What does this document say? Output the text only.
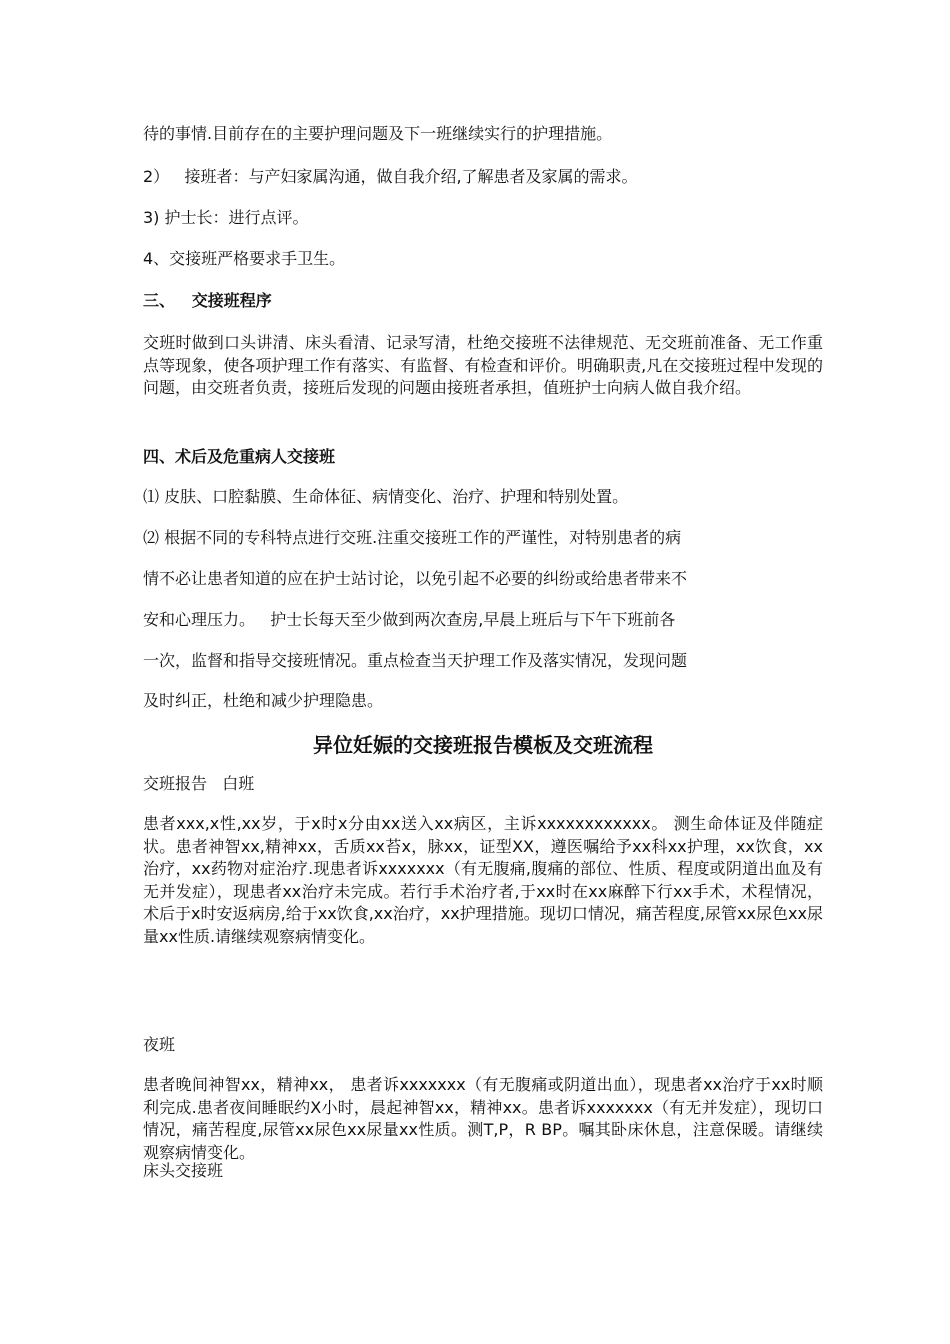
待的事情.目前存在的主要护理问题及下一班继续实行的护理措施。
2）   接班者：与产妇家属沟通，做自我介绍,了解患者及家属的需求。
3) 护士长：进行点评。
4、交接班严格要求手卫生。
三、   交接班程序
交班时做到口头讲清、床头看清、记录写清，杜绝交接班不法律规范、无交班前准备、无工作重点等现象，使各项护理工作有落实、有监督、有检查和评价。明确职责,凡在交接班过程中发现的问题，由交班者负责，接班后发现的问题由接班者承担，值班护士向病人做自我介绍。
四、术后及危重病人交接班
⑴ 皮肤、口腔黏膜、生命体征、病情变化、治疗、护理和特别处置。
⑵ 根据不同的专科特点进行交班.注重交接班工作的严谨性，对特别患者的病
情不必让患者知道的应在护士站讨论，以免引起不必要的纠纷或给患者带来不
安和心理压力。   护士长每天至少做到两次查房,早晨上班后与下午下班前各
一次，监督和指导交接班情况。重点检查当天护理工作及落实情况，发现问题
及时纠正，杜绝和减少护理隐患。
异位妊娠的交接班报告模板及交班流程
交班报告   白班
患者xxx,x性,xx岁，于x时x分由xx送入xx病区，主诉xxxxxxxxxxxx。 测生命体证及伴随症状。患者神智xx,精神xx，舌质xx苔x，脉xx，证型XX，遵医嘱给予xx科xx护理，xx饮食，xx治疗，xx药物对症治疗.现患者诉xxxxxxx（有无腹痛,腹痛的部位、性质、程度或阴道出血及有无并发症），现患者xx治疗未完成。若行手术治疗者,于xx时在xx麻醉下行xx手术，术程情况，术后于x时安返病房,给于xx饮食,xx治疗，xx护理措施。现切口情况，痛苦程度,尿管xx尿色xx尿量xx性质.请继续观察病情变化。
夜班
患者晚间神智xx，精神xx， 患者诉xxxxxxx（有无腹痛或阴道出血），现患者xx治疗于xx时顺利完成.患者夜间睡眠约X小时，晨起神智xx，精神xx。患者诉xxxxxxx（有无并发症），现切口情况，痛苦程度,尿管xx尿色xx尿量xx性质。测T,P，R BP。嘱其卧床休息，注意保暖。请继续观察病情变化。
床头交接班
